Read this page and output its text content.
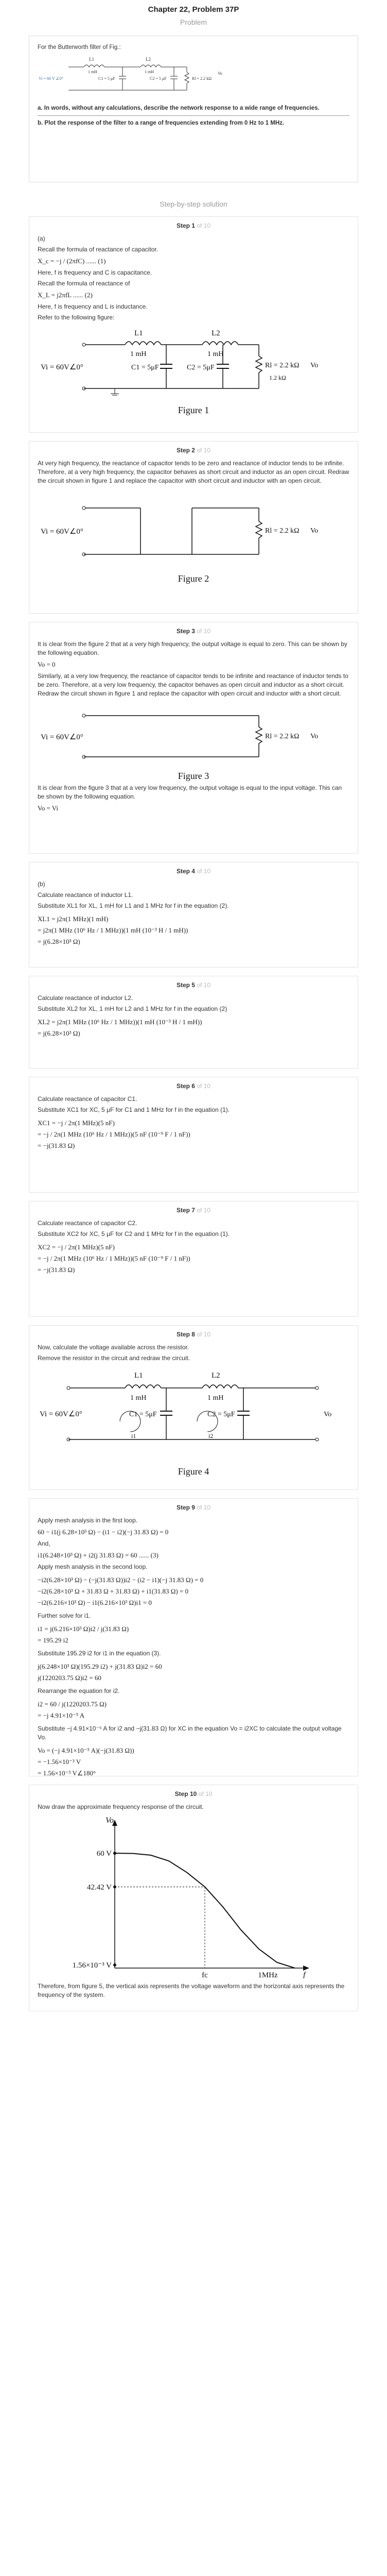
Chapter 22, Problem 37P
Problem

For the Butterworth filter of Fig.:

L1
1 mH
L2
1 mH
Vi = 60 V ∠0°	C1 = 5 μF	C2 = 5 μF	Rl = 2.2 kΩ
Vo

a. In words, without any calculations, describe the network response to a wide range of frequencies.

b. Plot the response of the filter to a range of frequencies extending from 0 Hz to 1 MHz.

Step-by-step solution
Step 1 of 10

(a)

Recall the formula of reactance of capacitor.

X_c = −j / (2πfC) ...... (1)

Here, f is frequency and C is capacitance.

Recall the formula of reactance of

X_L = j2πfL ...... (2)

Here, f is frequency and L is inductance.

Refer to the following figure:

L1
1 mH
L2
1 mH
Vi = 60V∠0°	C1 = 5μF	C2 = 5μF	Rl = 2.2 kΩ Vo
1.2 kΩ
Figure 1
Step 2 of 10

At very high frequency, the reactance of capacitor tends to be zero and reactance of inductor tends to be infinite. Therefore, at a very high frequency, the capacitor behaves as short circuit and inductor as an open circuit. Redraw the circuit shown in figure 1 and replace the capacitor with short circuit and inductor with an open circuit.

Vi = 60V∠0°	Rl = 2.2 kΩ Vo
Figure 2
Step 3 of 10

It is clear from the figure 2 that at a very high frequency, the output voltage is equal to zero. This can be shown by the following equation.

Vo = 0

Similarly, at a very low frequency, the reactance of capacitor tends to be infinite and reactance of inductor tends to be zero. Therefore, at a very low frequency, the capacitor behaves as open circuit and inductor as a short circuit. Redraw the circuit shown in figure 1 and replace the capacitor with open circuit and inductor with a short circuit.

Vi = 60V∠0°	Rl = 2.2 kΩ Vo
Figure 3

It is clear from the figure 3 that at a very low frequency, the output voltage is equal to the input voltage. This can be shown by the following equation.

Vo = Vi
Step 4 of 10

(b)

Calculate reactance of inductor L1.

Substitute XL1 for XL, 1 mH for L1 and 1 MHz for f in the equation (2).

XL1 = j2π(1 MHz)(1 mH)
= j2π(1 MHz (10⁶ Hz / 1 MHz))(1 mH (10⁻³ H / 1 mH))
= j(6.28×10³ Ω)
Step 5 of 10

Calculate reactance of inductor L2.

Substitute XL2 for XL, 1 mH for L2 and 1 MHz for f in the equation (2)

XL2 = j2π(1 MHz (10⁶ Hz / 1 MHz))(1 mH (10⁻³ H / 1 mH))
= j(6.28×10³ Ω)
Step 6 of 10

Calculate reactance of capacitor C1.

Substitute XC1 for XC, 5 μF for C1 and 1 MHz for f in the equation (1).

XC1 = −j / 2π(1 MHz)(5 nF)
= −j / 2π(1 MHz (10⁶ Hz / 1 MHz))(5 nF (10⁻⁹ F / 1 nF))
= −j(31.83 Ω)
Step 7 of 10

Calculate reactance of capacitor C2.

Substitute XC2 for XC, 5 μF for C2 and 1 MHz for f in the equation (1).

XC2 = −j / 2π(1 MHz)(5 nF)
= −j / 2π(1 MHz (10⁶ Hz / 1 MHz))(5 nF (10⁻⁹ F / 1 nF))
= −j(31.83 Ω)
Step 8 of 10

Now, calculate the voltage available across the resistor.

Remove the resistor in the circuit and redraw the circuit.

L1
1 mH
L2
1 mH
Vi = 60V∠0°	C1 = 5μF	C2 = 5μF	Vo
i1	i2
Figure 4
Step 9 of 10

Apply mesh analysis in the first loop.

60 − i1(j 6.28×10³ Ω) − (i1 − i2)(−j 31.83 Ω) = 0

And,

i1(6.248×10³ Ω) + i2(j 31.83 Ω) = 60 ...... (3)

Apply mesh analysis in the second loop.

−i2(6.28×10³ Ω) − (−j(31.83 Ω))i2 − (i2 − i1)(−j 31.83 Ω) = 0
−i2(6.28×10³ Ω + 31.83 Ω + 31.83 Ω) + i1(31.83 Ω) = 0
−i2(6.216×10³ Ω) − i1(6.216×10³ Ω)i1 = 0

Further solve for i1.

i1 = j(6.216×10³ Ω)i2 / j(31.83 Ω)
= 195.29 i2

Substitute 195.29 i2 for i1 in the equation (3).

j(6.248×10³ Ω)(195.29 i2) + j(31.83 Ω)i2 = 60
j(1220203.75 Ω)i2 = 60

Rearrange the equation for i2.

i2 = 60 / j(1220203.75 Ω)
= −j 4.91×10⁻⁵ A

Substitute −j 4.91×10⁻⁵ A for i2 and −j(31.83 Ω) for XC in the equation Vo = i2XC to calculate the output voltage Vo.

Vo = (−j 4.91×10⁻⁵ A)(−j(31.83 Ω))
= −1.56×10⁻³ V
= 1.56×10⁻³ V∠180°
Step 10 of 10

Now draw the approximate frequency response of the circuit.

Vo
f
60 V
42.42 V
1.56×10⁻³ V
fc	1MHz

Therefore, from figure 5, the vertical axis represents the voltage waveform and the horizontal axis represents the frequency of the system.
